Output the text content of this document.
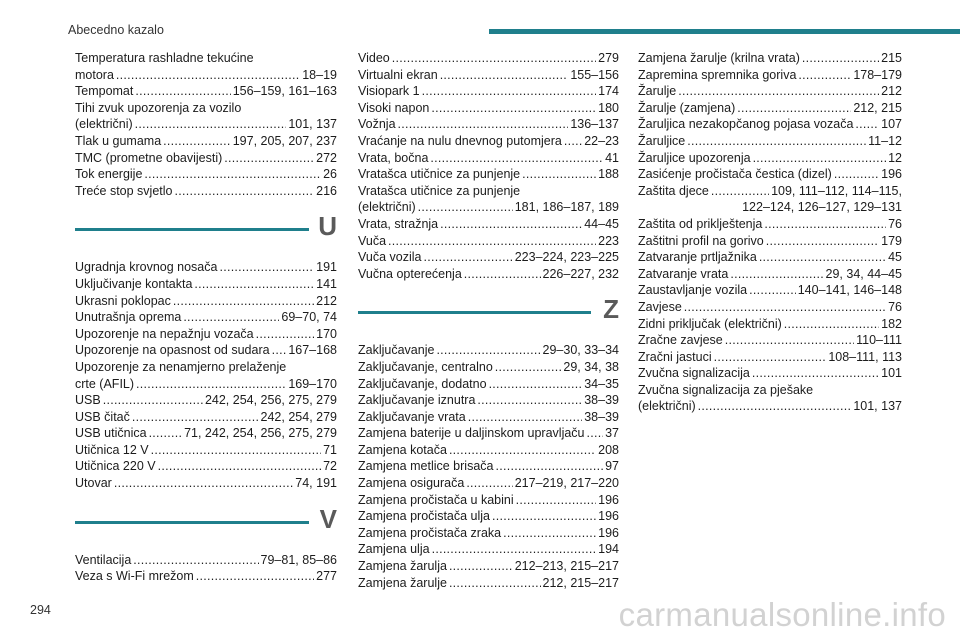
Abecedno kazalo
Temperatura rashladne tekućine
motora . . .	18–19
Tempomat . . .	156–159, 161–163
Tihi zvuk upozorenja za vozilo
(električni) . . .	101, 137
Tlak u gumama . . .	197, 205, 207, 237
TMC (prometne obavijesti) . . .	272
Tok energije . . .	26
Treće stop svjetlo . . .	216
U
Ugradnja krovnog nosača . . .	191
Uključivanje kontakta . . .	141
Ukrasni poklopac . . .	212
Unutrašnja oprema . . .	69–70, 74
Upozorenje na nepažnju vozača . . .	170
Upozorenje na opasnost od sudara . . . 167–168
Upozorenje za nenamjerno prelaženje
crte (AFIL) . . .	169–170
USB . . .	242, 254, 256, 275, 279
USB čitač . . .	242, 254, 279
USB utičnica . . .	71, 242, 254, 256, 275, 279
Utičnica 12 V . . .	71
Utičnica 220 V . . .	72
Utovar . . .	74, 191
V
Ventilacija . . .	79–81, 85–86
Veza s Wi-Fi mrežom . . .	277
Video . . .	279
Virtualni ekran . . .	155–156
Visiopark 1 . . .	174
Visoki napon . . .	180
Vožnja . . .	136–137
Vraćanje na nulu dnevnog putomjera . . . 22–23
Vrata, bočna . . .	41
Vratašca utičnice za punjenje . . .	188
Vratašca utičnice za punjenje
(električni) . . .	181, 186–187, 189
Vrata, stražnja . . .	44–45
Vuča . . .	223
Vuča vozila . . .	223–224, 223–225
Vučna opterećenja . . .	226–227, 232
Z
Zaključavanje . . .	29–30, 33–34
Zaključavanje, centralno . . .	29, 34, 38
Zaključavanje, dodatno . . .	34–35
Zaključavanje iznutra . . .	38–39
Zaključavanje vrata . . .	38–39
Zamjena baterije u daljinskom upravljaču . . . 37
Zamjena kotača . . .	208
Zamjena metlice brisača . . .	97
Zamjena osigurača . . .	217–219, 217–220
Zamjena pročistača u kabini . . .	196
Zamjena pročistača ulja . . .	196
Zamjena pročistača zraka . . .	196
Zamjena ulja . . .	194
Zamjena žarulja . . .	212–213, 215–217
Zamjena žarulje . . .	212, 215–217
Zamjena žarulje (krilna vrata) . . .	215
Zapremina spremnika goriva . . .	178–179
Žarulje . . .	212
Žarulje (zamjena) . . .	212, 215
Žaruljica nezakopčanog pojasa vozača . . . 107
Žaruljice . . .	11–12
Žaruljice upozorenja . . .	12
Zasićenje pročistača čestica (dizel) . . .	196
Zaštita djece . . .	109, 111–112, 114–115,
122–124, 126–127, 129–131
Zaštita od priklještenja . . .	76
Zaštitni profil na gorivo . . .	179
Zatvaranje prtljažnika . . .	45
Zatvaranje vrata . . .	29, 34, 44–45
Zaustavljanje vozila . . .	140–141, 146–148
Zavjese . . .	76
Zidni priključak (električni) . . .	182
Zračne zavjese . . .	110–111
Zračni jastuci . . .	108–111, 113
Zvučna signalizacija . . .	101
Zvučna signalizacija za pješake
(električni) . . .	101, 137
294	carmanualsonline.info
